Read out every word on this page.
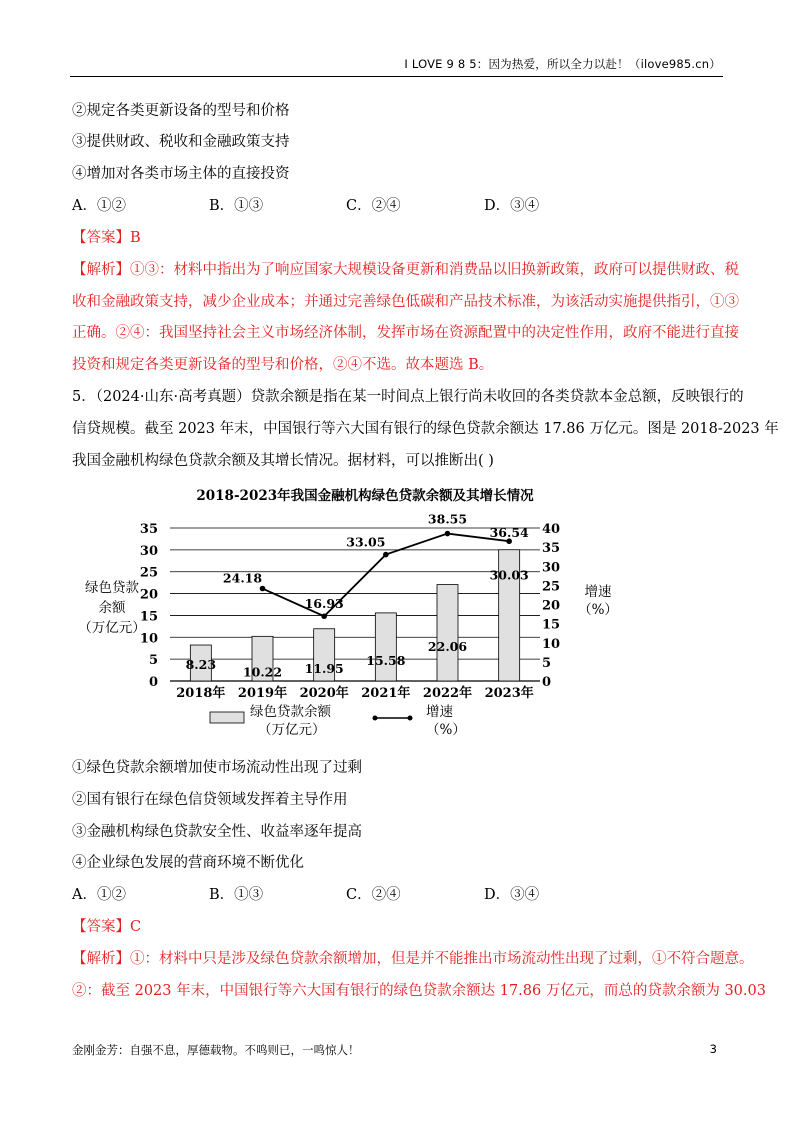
I LOVE 9 8 5：因为热爱，所以全力以赴！（ilove985.cn）
②规定各类更新设备的型号和价格
③提供财政、税收和金融政策支持
④增加对各类市场主体的直接投资
A．①②	B．①③	C．②④	D．③④
【答案】B
【解析】①③：材料中指出为了响应国家大规模设备更新和消费品以旧换新政策，政府可以提供财政、税
收和金融政策支持，减少企业成本；并通过完善绿色低碳和产品技术标准，为该活动实施提供指引，①③
正确。②④：我国坚持社会主义市场经济体制，发挥市场在资源配置中的决定性作用，政府不能进行直接
投资和规定各类更新设备的型号和价格，②④不选。故本题选 B。
5．（2024·山东·高考真题）贷款余额是指在某一时间点上银行尚未收回的各类贷款本金总额，反映银行的
信贷规模。截至 2023 年末，中国银行等六大国有银行的绿色贷款余额达 17.86 万亿元。图是 2018-2023 年
我国金融机构绿色贷款余额及其增长情况。据材料，可以推断出( )
2018-2023年我国金融机构绿色贷款余额及其增长情况
0
5
10
15
20
25
30
35
0
5
10
15
20
25
30
35
40
8.23
10.22 11.95
15.58
22.06
30.03
24.18
16.93
33.05
38.55
36.54
2018年 2019年 2020年 2021年 2022年 2023年
绿色贷款
余额
（万亿元）
增速
（%）
绿色贷款余额
（万亿元）
增速
（%）
①绿色贷款余额增加使市场流动性出现了过剩
②国有银行在绿色信贷领域发挥着主导作用
③金融机构绿色贷款安全性、收益率逐年提高
④企业绿色发展的营商环境不断优化
A．①②	B．①③	C．②④	D．③④
【答案】C
【解析】①：材料中只是涉及绿色贷款余额增加，但是并不能推出市场流动性出现了过剩，①不符合题意。
②：截至 2023 年末，中国银行等六大国有银行的绿色贷款余额达 17.86 万亿元，而总的贷款余额为 30.03
金刚金芳：自强不息，厚德载物。不鸣则已，一鸣惊人！	3
